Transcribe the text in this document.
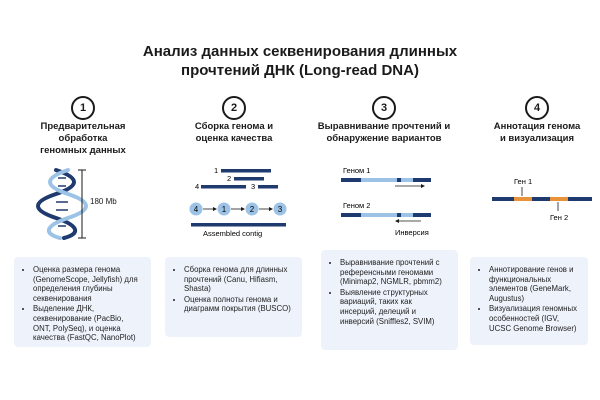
Анализ данных секвенирования длинных
прочтений ДНК (Long-read DNA)
1
Предварительная
обработка
геномных данных
180 Mb
• Оценка размера генома (GenomeScope, Jellyfish) для определения глубины секвенирования
• Выделение ДНК, секвенирование (PacBio, ONT, PolySeq), и оценка качества (FastQC, NanoPlot)
2
Сборка генома и
оценка качества
1
2
4	3
4	1	2	3
Assembled contig
• Сборка генома для длинных прочтений (Canu, Hifiasm, Shasta)
• Оценка полноты генома и диаграмм покрытия (BUSCO)
3
Выравнивание прочтений и
обнаружение вариантов
Геном 1
Геном 2
Инверсия
• Выравнивание прочтений с референсными геномами (Minimap2, NGMLR, pbmm2)
• Выявление структурных вариаций, таких как инсерций, делеций и инверсий (Sniffles2, SVIM)
4
Аннотация генома
и визуализация
Ген 1
Ген 2
• Аннотирование генов и функциональных элементов (GeneMark, Augustus)
• Визуализация геномных особенностей (IGV, UCSC Genome Browser)
